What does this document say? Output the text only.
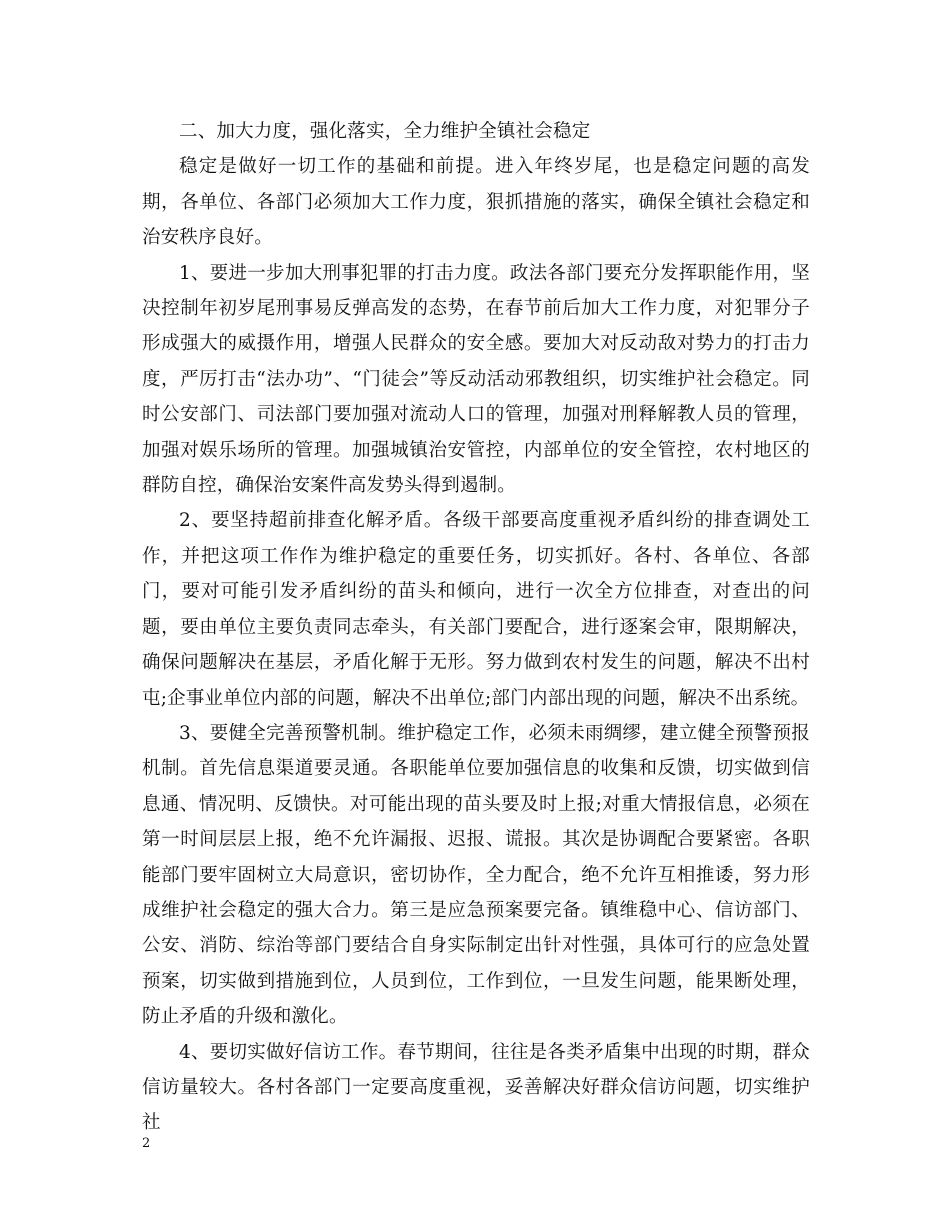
二、加大力度，强化落实，全力维护全镇社会稳定

稳定是做好一切工作的基础和前提。进入年终岁尾，也是稳定问题的高发期，各单位、各部门必须加大工作力度，狠抓措施的落实，确保全镇社会稳定和治安秩序良好。

1、要进一步加大刑事犯罪的打击力度。政法各部门要充分发挥职能作用，坚决控制年初岁尾刑事易反弹高发的态势，在春节前后加大工作力度，对犯罪分子形成强大的威摄作用，增强人民群众的安全感。要加大对反动敌对势力的打击力度，严厉打击“法办功”、“门徒会”等反动活动邪教组织，切实维护社会稳定。同时公安部门、司法部门要加强对流动人口的管理，加强对刑释解教人员的管理，加强对娱乐场所的管理。加强城镇治安管控，内部单位的安全管控，农村地区的群防自控，确保治安案件高发势头得到遏制。

2、要坚持超前排查化解矛盾。各级干部要高度重视矛盾纠纷的排查调处工作，并把这项工作作为维护稳定的重要任务，切实抓好。各村、各单位、各部门，要对可能引发矛盾纠纷的苗头和倾向，进行一次全方位排查，对查出的问题，要由单位主要负责同志牵头，有关部门要配合，进行逐案会审，限期解决，确保问题解决在基层，矛盾化解于无形。努力做到农村发生的问题，解决不出村屯;企事业单位内部的问题，解决不出单位;部门内部出现的问题，解决不出系统。

3、要健全完善预警机制。维护稳定工作，必须未雨绸缪，建立健全预警预报机制。首先信息渠道要灵通。各职能单位要加强信息的收集和反馈，切实做到信息通、情况明、反馈快。对可能出现的苗头要及时上报;对重大情报信息，必须在第一时间层层上报，绝不允许漏报、迟报、谎报。其次是协调配合要紧密。各职能部门要牢固树立大局意识，密切协作，全力配合，绝不允许互相推诿，努力形成维护社会稳定的强大合力。第三是应急预案要完备。镇维稳中心、信访部门、公安、消防、综治等部门要结合自身实际制定出针对性强，具体可行的应急处置预案，切实做到措施到位，人员到位，工作到位，一旦发生问题，能果断处理，防止矛盾的升级和激化。

4、要切实做好信访工作。春节期间，往往是各类矛盾集中出现的时期，群众信访量较大。各村各部门一定要高度重视，妥善解决好群众信访问题，切实维护社

2
